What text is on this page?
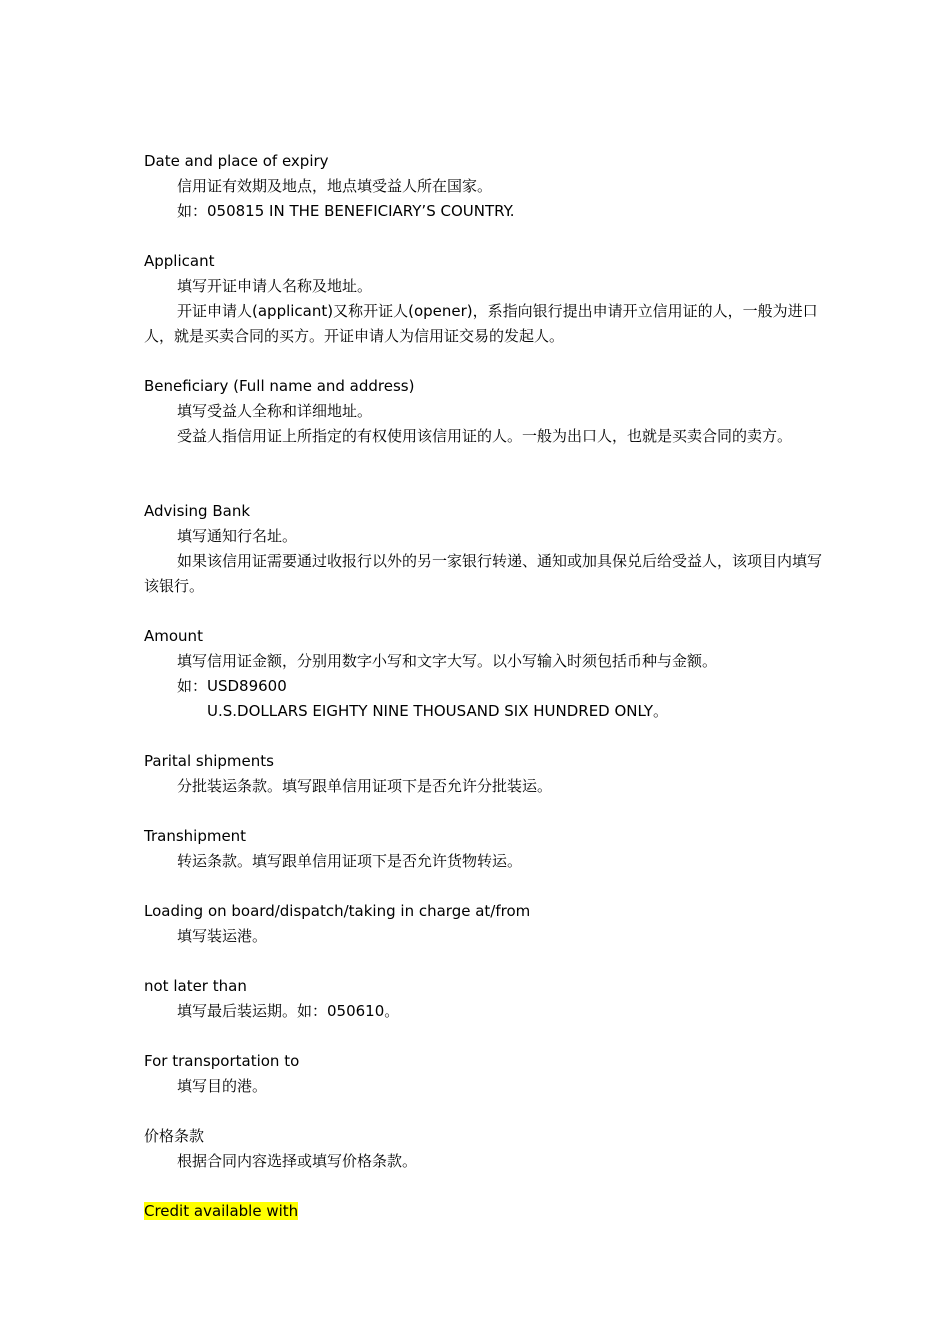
Date and place of expiry
信用证有效期及地点，地点填受益人所在国家。
如：050815 IN THE BENEFICIARY’S COUNTRY.
Applicant
填写开证申请人名称及地址。
开证申请人(applicant)又称开证人(opener)，系指向银行提出申请开立信用证的人，一般为进口人，就是买卖合同的买方。开证申请人为信用证交易的发起人。
Beneficiary (Full name and address)
填写受益人全称和详细地址。
受益人指信用证上所指定的有权使用该信用证的人。一般为出口人，也就是买卖合同的卖方。
Advising Bank
填写通知行名址。
如果该信用证需要通过收报行以外的另一家银行转递、通知或加具保兑后给受益人，该项目内填写该银行。
Amount
填写信用证金额，分别用数字小写和文字大写。以小写输入时须包括币种与金额。
如：USD89600
U.S.DOLLARS EIGHTY NINE THOUSAND SIX HUNDRED ONLY。
Parital shipments
分批装运条款。填写跟单信用证项下是否允许分批装运。
Transhipment
转运条款。填写跟单信用证项下是否允许货物转运。
Loading on board/dispatch/taking in charge at/from
填写装运港。
not later than
填写最后装运期。如：050610。
For transportation to
填写目的港。
价格条款
根据合同内容选择或填写价格条款。
Credit available with
